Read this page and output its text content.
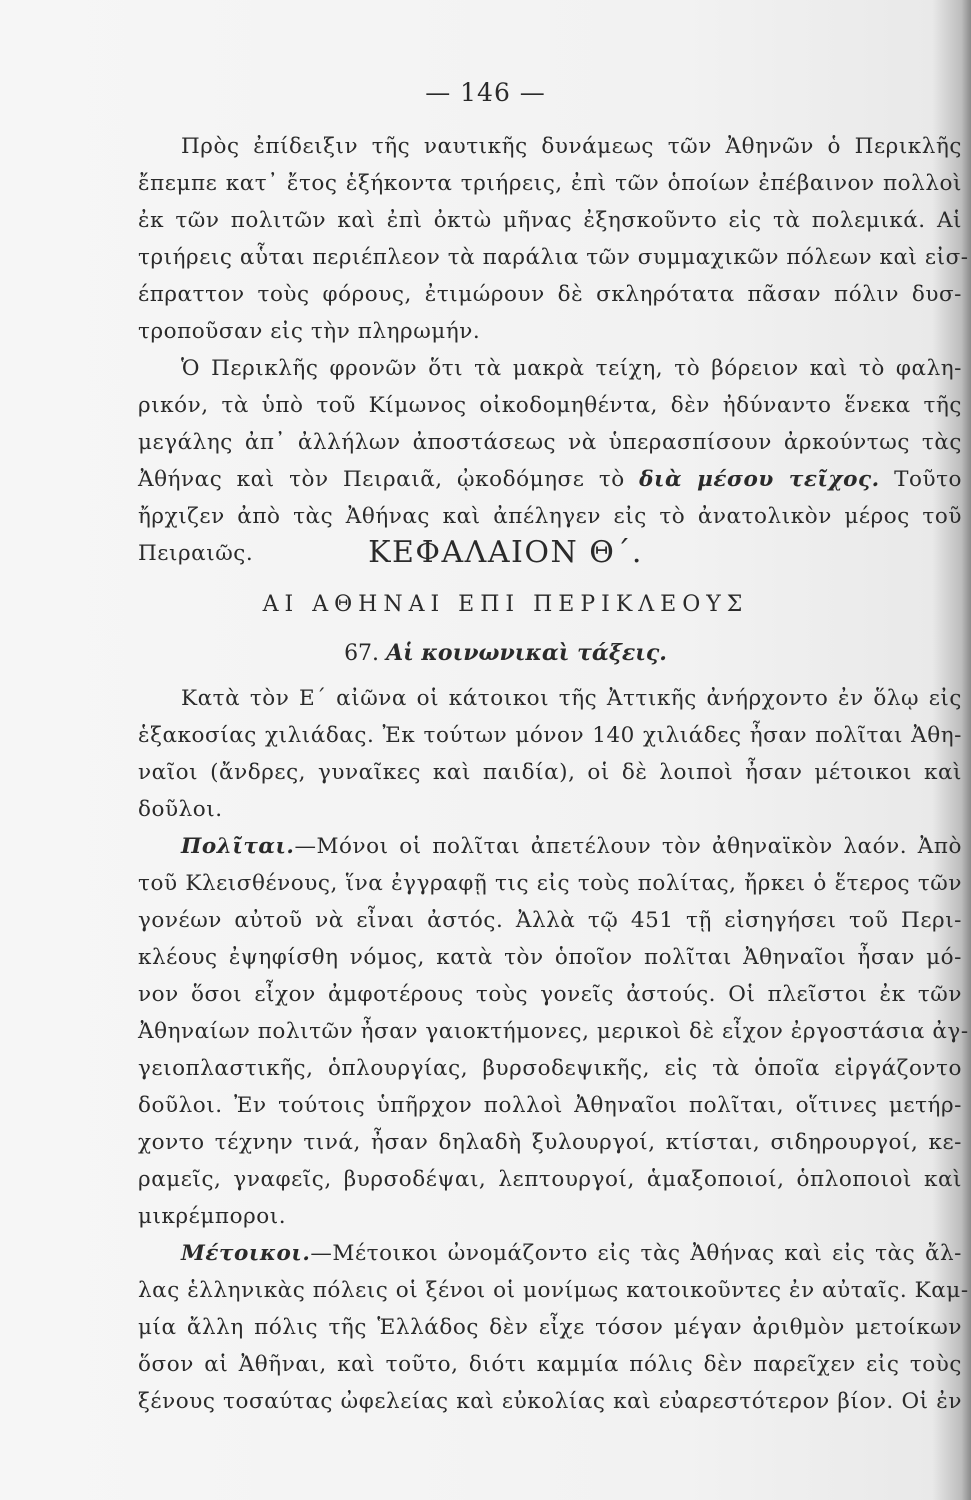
— 146 —
Πρὸς ἐπίδειξιν τῆς ναυτικῆς δυνάμεως τῶν Ἀθηνῶν ὁ Περικλῆς
ἔπεμπε κατ᾽ ἔτος ἑξήκοντα τριήρεις, ἐπὶ τῶν ὁποίων ἐπέβαινον πολλοὶ
ἐκ τῶν πολιτῶν καὶ ἐπὶ ὀκτὼ μῆνας ἐξησκοῦντο εἰς τὰ πολεμικά. Αἱ
τριήρεις αὗται περιέπλεον τὰ παράλια τῶν συμμαχικῶν πόλεων καὶ εἰσ-
έπραττον τοὺς φόρους, ἐτιμώρουν δὲ σκληρότατα πᾶσαν πόλιν δυσ-
τροποῦσαν εἰς τὴν πληρωμήν.
Ὁ Περικλῆς φρονῶν ὅτι τὰ μακρὰ τείχη, τὸ βόρειον καὶ τὸ φαλη-
ρικόν, τὰ ὑπὸ τοῦ Κίμωνος οἰκοδομηθέντα, δὲν ἠδύναντο ἕνεκα τῆς
μεγάλης ἀπ᾽ ἀλλήλων ἀποστάσεως νὰ ὑπερασπίσουν ἀρκούντως τὰς
Ἀθήνας καὶ τὸν Πειραιᾶ, ᾠκοδόμησε τὸ διὰ μέσου τεῖχος. Τοῦτο
ἤρχιζεν ἀπὸ τὰς Ἀθήνας καὶ ἀπέληγεν εἰς τὸ ἀνατολικὸν μέρος τοῦ
Πειραιῶς.	ΚΕΦΑΛΑΙΟΝ Θ΄.
ΑΙ ΑΘΗΝΑΙ ΕΠΙ ΠΕΡΙΚΛΕΟΥΣ
67. Αἱ κοινωνικαὶ τάξεις.
Κατὰ τὸν Ε΄ αἰῶνα οἱ κάτοικοι τῆς Ἀττικῆς ἀνήρχοντο ἐν ὅλῳ εἰς
ἑξακοσίας χιλιάδας. Ἐκ τούτων μόνον 140 χιλιάδες ἦσαν πολῖται Ἀθη-
ναῖοι (ἄνδρες, γυναῖκες καὶ παιδία), οἱ δὲ λοιποὶ ἦσαν μέτοικοι καὶ
δοῦλοι.
Πολῖται.—Μόνοι οἱ πολῖται ἀπετέλουν τὸν ἀθηναϊκὸν λαόν. Ἀπὸ
τοῦ Κλεισθένους, ἵνα ἐγγραφῇ τις εἰς τοὺς πολίτας, ἤρκει ὁ ἕτερος τῶν
γονέων αὐτοῦ νὰ εἶναι ἀστός. Ἀλλὰ τῷ 451 τῇ εἰσηγήσει τοῦ Περι-
κλέους ἐψηφίσθη νόμος, κατὰ τὸν ὁποῖον πολῖται Ἀθηναῖοι ἦσαν μό-
νον ὅσοι εἶχον ἀμφοτέρους τοὺς γονεῖς ἀστούς. Οἱ πλεῖστοι ἐκ τῶν
Ἀθηναίων πολιτῶν ἦσαν γαιοκτήμονες, μερικοὶ δὲ εἶχον ἐργοστάσια ἀγ-
γειοπλαστικῆς, ὁπλουργίας, βυρσοδεψικῆς, εἰς τὰ ὁποῖα εἰργάζοντο
δοῦλοι. Ἐν τούτοις ὑπῆρχον πολλοὶ Ἀθηναῖοι πολῖται, οἵτινες μετήρ-
χοντο τέχνην τινά, ἦσαν δηλαδὴ ξυλουργοί, κτίσται, σιδηρουργοί, κε-
ραμεῖς, γναφεῖς, βυρσοδέψαι, λεπτουργοί, ἁμαξοποιοί, ὁπλοποιοὶ καὶ
μικρέμποροι.
Μέτοικοι.—Μέτοικοι ὠνομάζοντο εἰς τὰς Ἀθήνας καὶ εἰς τὰς ἄλ-
λας ἑλληνικὰς πόλεις οἱ ξένοι οἱ μονίμως κατοικοῦντες ἐν αὐταῖς. Καμ-
μία ἄλλη πόλις τῆς Ἑλλάδος δὲν εἶχε τόσον μέγαν ἀριθμὸν μετοίκων
ὅσον αἱ Ἀθῆναι, καὶ τοῦτο, διότι καμμία πόλις δὲν παρεῖχεν εἰς τοὺς
ξένους τοσαύτας ὠφελείας καὶ εὐκολίας καὶ εὐαρεστότερον βίον. Οἱ ἐν
